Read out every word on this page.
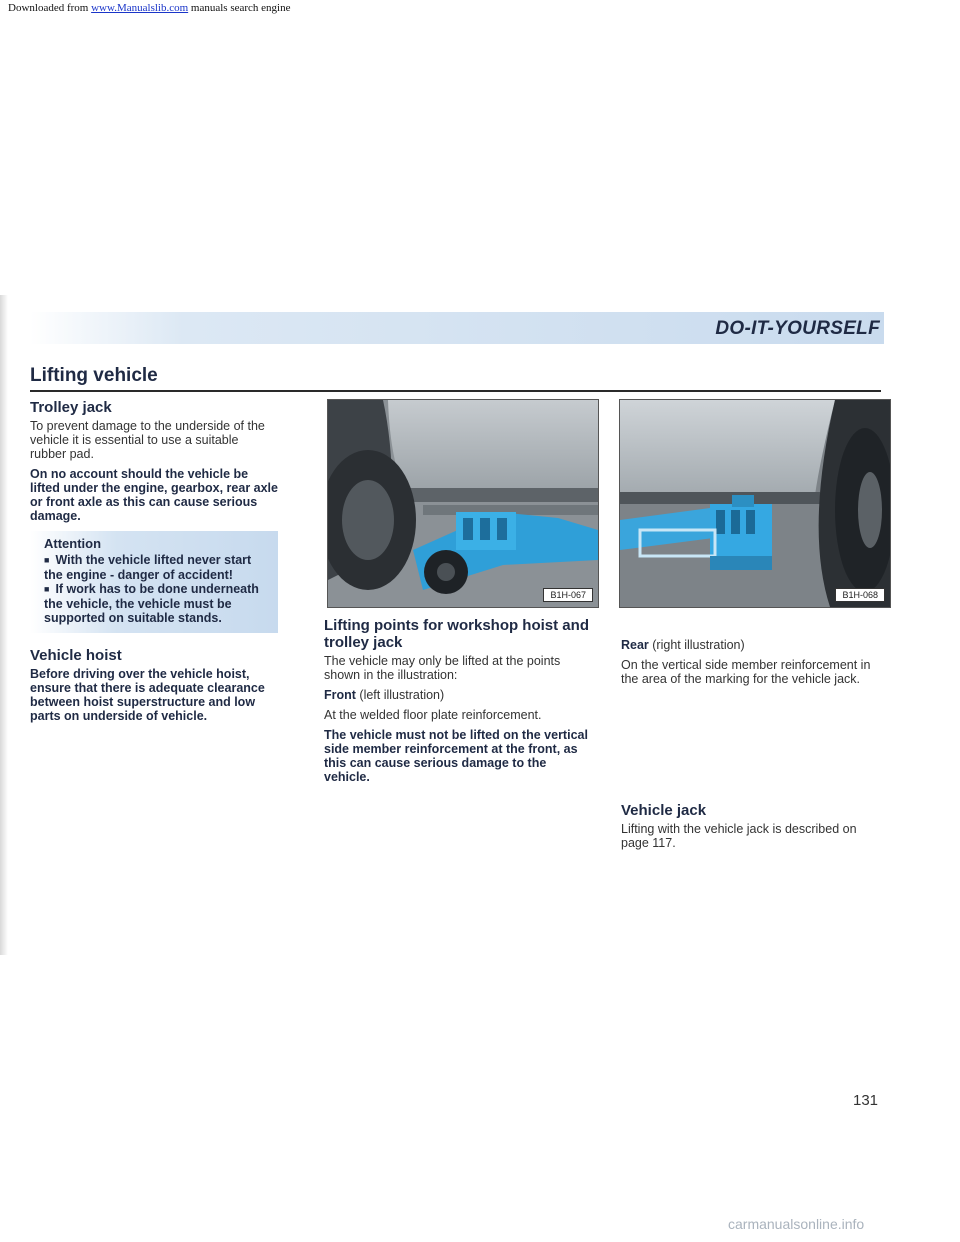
Downloaded from www.Manualslib.com manuals search engine
DO-IT-YOURSELF
Lifting vehicle
Trolley jack

To prevent damage to the underside of the vehicle it is essential to use a suitable rubber pad.

On no account should the vehicle be lifted under the engine, gearbox, rear axle or front axle as this can cause serious damage.

Attention
■ With the vehicle lifted never start the engine - danger of accident!
■ If work has to be done underneath the vehicle, the vehicle must be supported on suitable stands.
Vehicle hoist

Before driving over the vehicle hoist, ensure that there is adequate clearance between hoist superstructure and low parts on underside of vehicle.

B1H-067	B1H-068
Lifting points for workshop hoist and trolley jack

The vehicle may only be lifted at the points shown in the illustration:

Front (left illustration)

At the welded floor plate reinforcement.

The vehicle must not be lifted on the vertical side member reinforcement at the front, as this can cause serious damage to the vehicle.

Rear (right illustration)

On the vertical side member reinforcement in the area of the marking for the vehicle jack.

Vehicle jack

Lifting with the vehicle jack is described on page 117.

131
carmanualsonline.info
